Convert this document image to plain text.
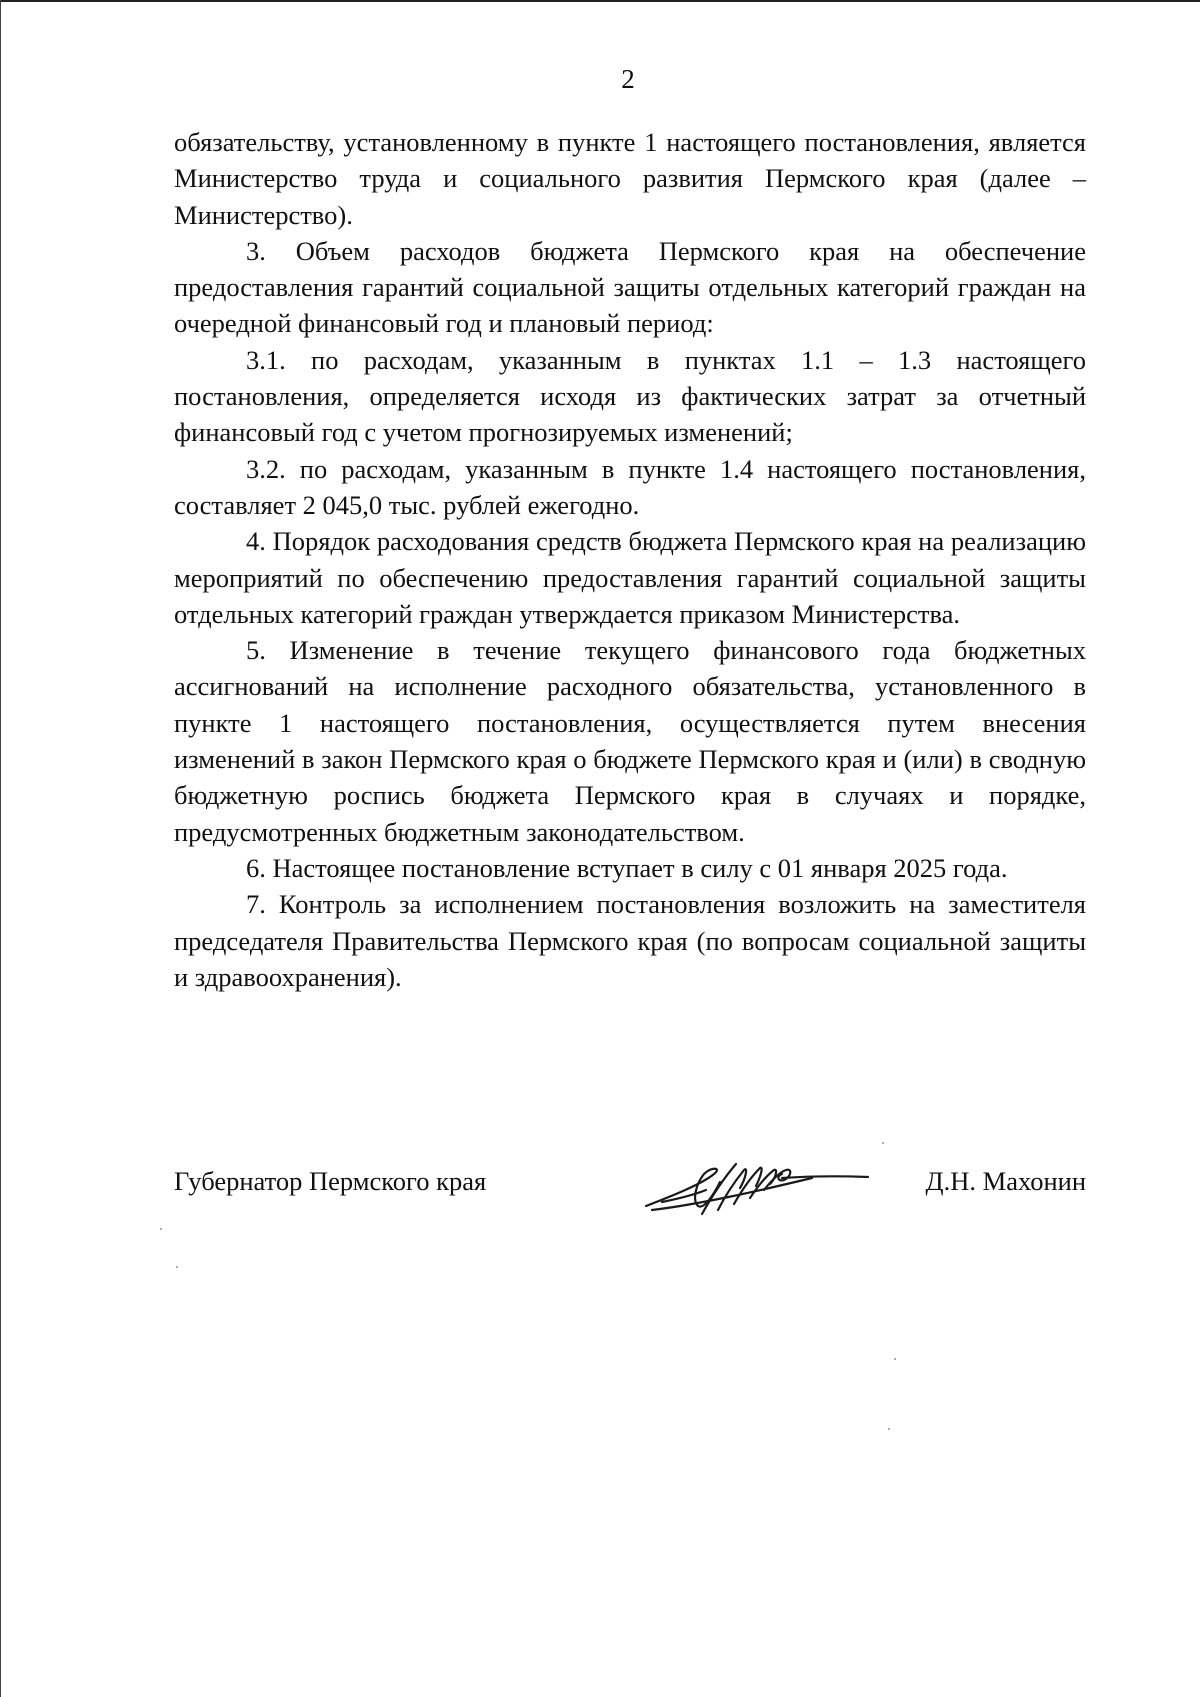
2

обязательству, установленному в пункте 1 настоящего постановления, является Министерство труда и социального развития Пермского края (далее – Министерство).

3. Объем расходов бюджета Пермского края на обеспечение предоставления гарантий социальной защиты отдельных категорий граждан на очередной финансовый год и плановый период:

3.1. по расходам, указанным в пунктах 1.1 – 1.3 настоящего постановления, определяется исходя из фактических затрат за отчетный финансовый год с учетом прогнозируемых изменений;

3.2. по расходам, указанным в пункте 1.4 настоящего постановления, составляет 2 045,0 тыс. рублей ежегодно.

4. Порядок расходования средств бюджета Пермского края на реализацию мероприятий по обеспечению предоставления гарантий социальной защиты отдельных категорий граждан утверждается приказом Министерства.

5. Изменение в течение текущего финансового года бюджетных ассигнований на исполнение расходного обязательства, установленного в пункте 1 настоящего постановления, осуществляется путем внесения изменений в закон Пермского края о бюджете Пермского края и (или) в сводную бюджетную роспись бюджета Пермского края в случаях и порядке, предусмотренных бюджетным законодательством.

6. Настоящее постановление вступает в силу с 01 января 2025 года.

7. Контроль за исполнением постановления возложить на заместителя председателя Правительства Пермского края (по вопросам социальной защиты и здравоохранения).

Губернатор Пермского края	Д.Н. Махонин
